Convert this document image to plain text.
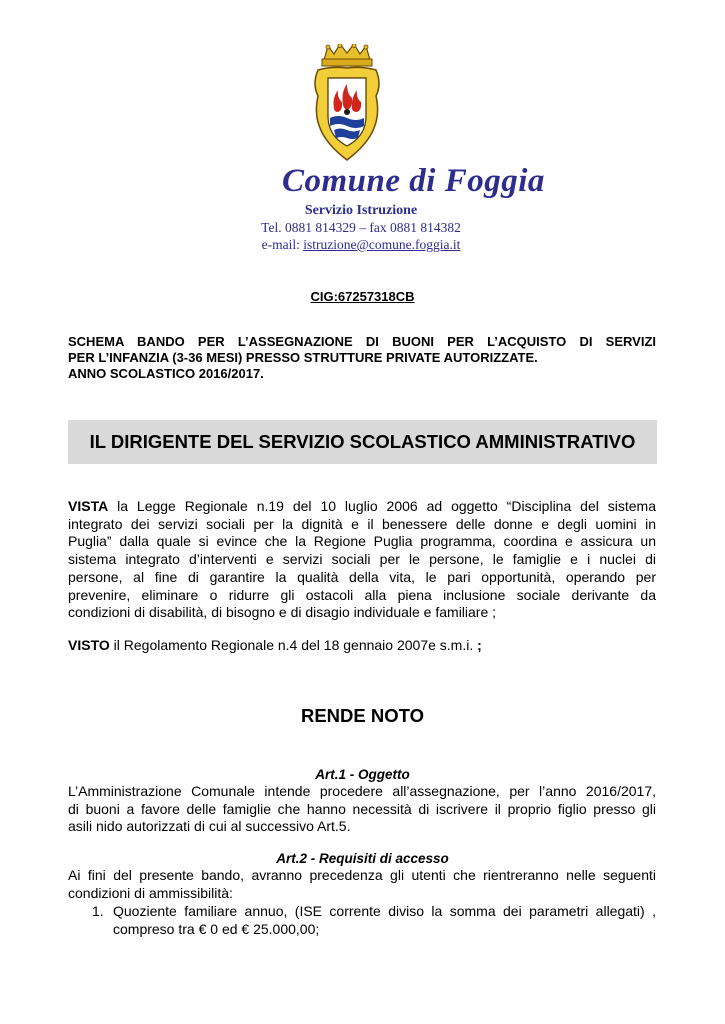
Comune di Foggia
Servizio Istruzione
Tel. 0881 814329 – fax 0881 814382
e-mail: istruzione@comune.foggia.it
CIG:67257318CB
SCHEMA BANDO PER L’ASSEGNAZIONE DI BUONI PER L’ACQUISTO DI SERVIZI
PER L’INFANZIA (3-36 MESI) PRESSO STRUTTURE PRIVATE AUTORIZZATE.
ANNO SCOLASTICO 2016/2017.
IL DIRIGENTE DEL SERVIZIO SCOLASTICO AMMINISTRATIVO
VISTA la Legge Regionale n.19 del 10 luglio 2006 ad oggetto “Disciplina del sistema
integrato dei servizi sociali per la dignità e il benessere delle donne e degli uomini in
Puglia” dalla quale si evince che la Regione Puglia programma, coordina e assicura un
sistema integrato d’interventi e servizi sociali per le persone, le famiglie e i nuclei di
persone, al fine di garantire la qualità della vita, le pari opportunità, operando per
prevenire, eliminare o ridurre gli ostacoli alla piena inclusione sociale derivante da
condizioni di disabilità, di bisogno e di disagio individuale e familiare ;
VISTO il Regolamento Regionale n.4 del 18 gennaio 2007e s.m.i. ;
RENDE NOTO
Art.1 - Oggetto
L’Amministrazione Comunale intende procedere all’assegnazione, per l’anno 2016/2017,
di buoni a favore delle famiglie che hanno necessità di iscrivere il proprio figlio presso gli
asili nido autorizzati di cui al successivo Art.5.
Art.2 - Requisiti di accesso
Ai fini del presente bando, avranno precedenza gli utenti che rientreranno nelle seguenti
condizioni di ammissibilità:
1. Quoziente familiare annuo, (ISE corrente diviso la somma dei parametri allegati) ,
compreso tra € 0 ed € 25.000,00;
